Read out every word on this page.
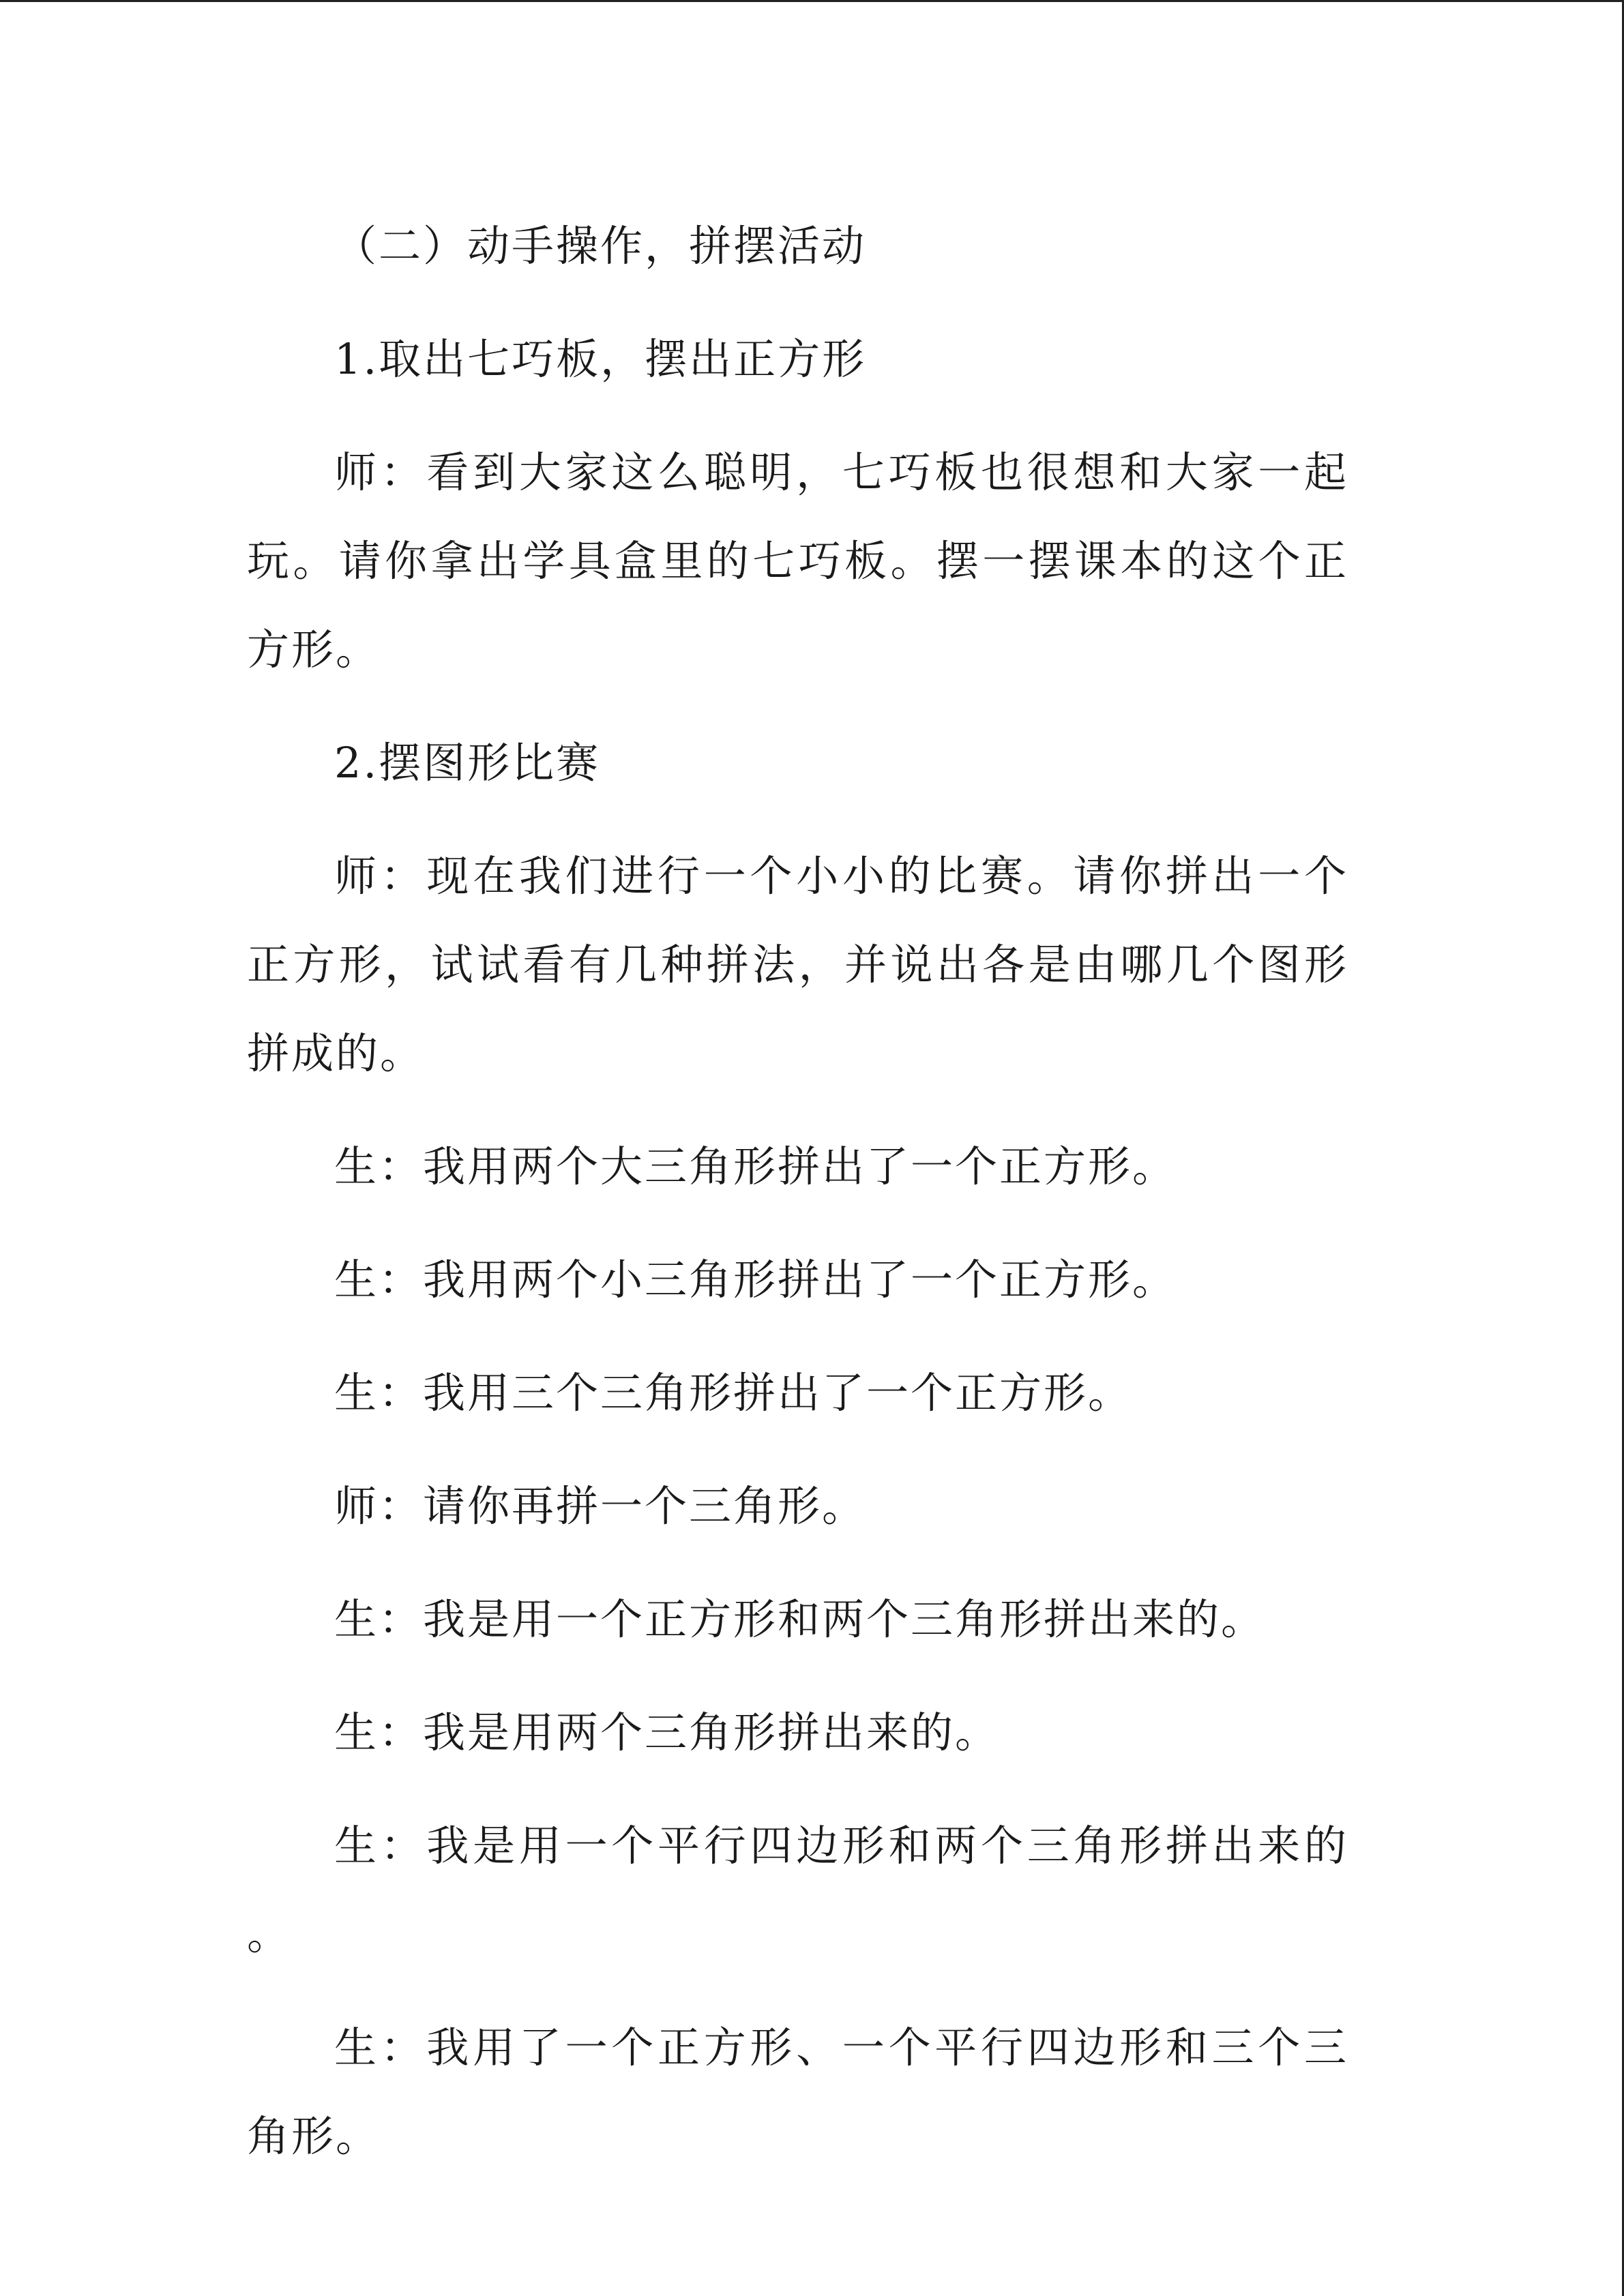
（二）动手操作，拼摆活动

1.取出七巧板，摆出正方形

师：看到大家这么聪明，七巧板也很想和大家一起玩。请你拿出学具盒里的七巧板。摆一摆课本的这个正方形。

2.摆图形比赛

师：现在我们进行一个小小的比赛。请你拼出一个正方形，试试看有几种拼法，并说出各是由哪几个图形拼成的。

生：我用两个大三角形拼出了一个正方形。

生：我用两个小三角形拼出了一个正方形。

生：我用三个三角形拼出了一个正方形。

师：请你再拼一个三角形。

生：我是用一个正方形和两个三角形拼出来的。

生：我是用两个三角形拼出来的。

生：我是用一个平行四边形和两个三角形拼出来的。

生：我用了一个正方形、一个平行四边形和三个三角形。
